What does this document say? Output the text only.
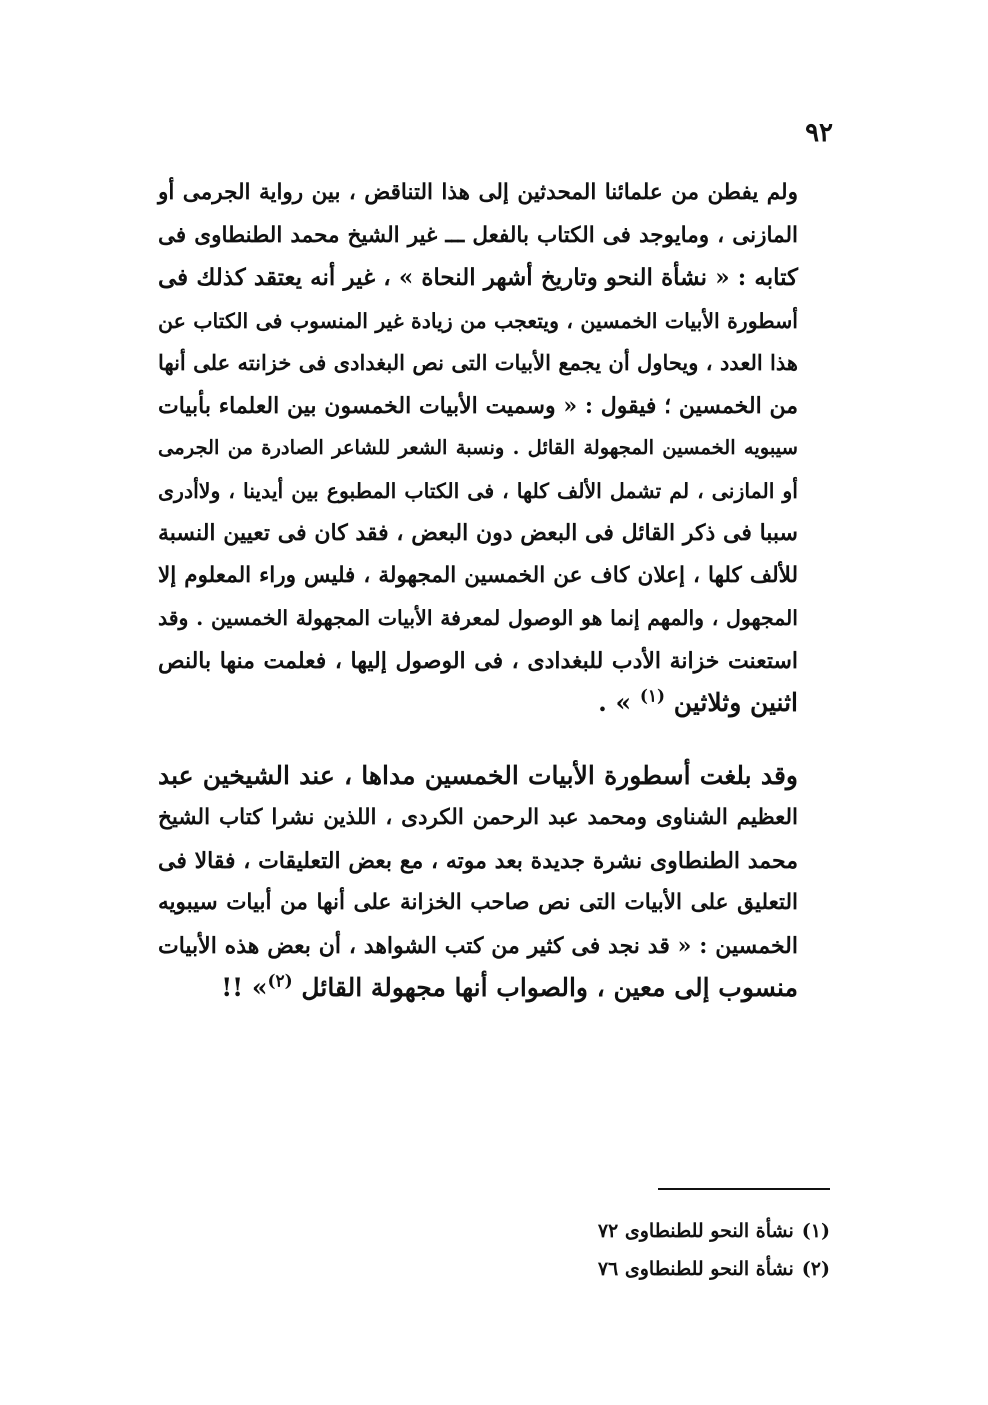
٩٢

ولم يفطن من علمائنا المحدثين إلى هذا التناقض ، بين رواية الجرمى أو
المازنى ، ومايوجد فى الكتاب بالفعل ـــ غير الشيخ محمد الطنطاوى فى
كتابه : « نشأة النحو وتاريخ أشهر النحاة » ، غير أنه يعتقد كذلك فى
أسطورة الأبيات الخمسين ، ويتعجب من زيادة غير المنسوب فى الكتاب عن
هذا العدد ، ويحاول أن يجمع الأبيات التى نص البغدادى فى خزانته على أنها
من الخمسين ؛ فيقول : « وسميت الأبيات الخمسون بين العلماء بأبيات
سيبويه الخمسين المجهولة القائل . ونسبة الشعر للشاعر الصادرة من الجرمى
أو المازنى ، لم تشمل الألف كلها ، فى الكتاب المطبوع بين أيدينا ، ولاأدرى
سببا فى ذكر القائل فى البعض دون البعض ، فقد كان فى تعيين النسبة
للألف كلها ، إعلان كاف عن الخمسين المجهولة ، فليس وراء المعلوم إلا
المجهول ، والمهم إنما هو الوصول لمعرفة الأبيات المجهولة الخمسين . وقد
استعنت خزانة الأدب للبغدادى ، فى الوصول إليها ، فعلمت منها بالنص
اثنين وثلاثين $^{(١)}$ » .

وقد بلغت أسطورة الأبيات الخمسين مداها ، عند الشيخين عبد
العظيم الشناوى ومحمد عبد الرحمن الكردى ، اللذين نشرا كتاب الشيخ
محمد الطنطاوى نشرة جديدة بعد موته ، مع بعض التعليقات ، فقالا فى
التعليق على الأبيات التى نص صاحب الخزانة على أنها من أبيات سيبويه
الخمسين : « قد نجد فى كثير من كتب الشواهد ، أن بعض هذه الأبيات
منسوب إلى معين ، والصواب أنها مجهولة القائل $^{(٢)}$» !!

(١)نشأة النحو للطنطاوى ٧٢
(٢)نشأة النحو للطنطاوى ٧٦
